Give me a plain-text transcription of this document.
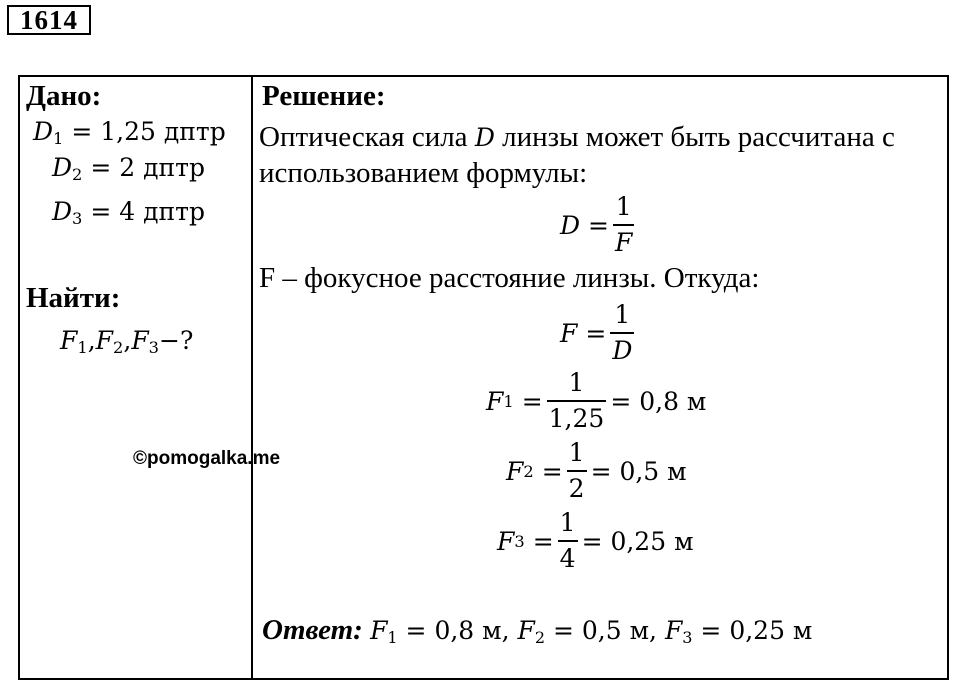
1614
Дано:
$D_1 = 1,25$ дптр
$D_2 = 2$ дптр
$D_3 = 4$ дптр
Найти:
$F_1,F_2,F_3-$?
©pomogalka.me
Решение:
Оптическая сила D линзы может быть рассчитана с
использованием формулы:
$D = \frac{1}{F}$
F – фокусное расстояние линзы. Откуда:
$F = \frac{1}{D}$
F $1 = \frac{1}{1,25} = 0,8$ м
F $2 = \frac{1}{2} = 0,5$ м
F $3 = \frac{1}{4} = 0,25$ м
Ответ: $F_1 = 0,8$ м, $F_2 = 0,5$ м, $F_3 = 0,25$ м
